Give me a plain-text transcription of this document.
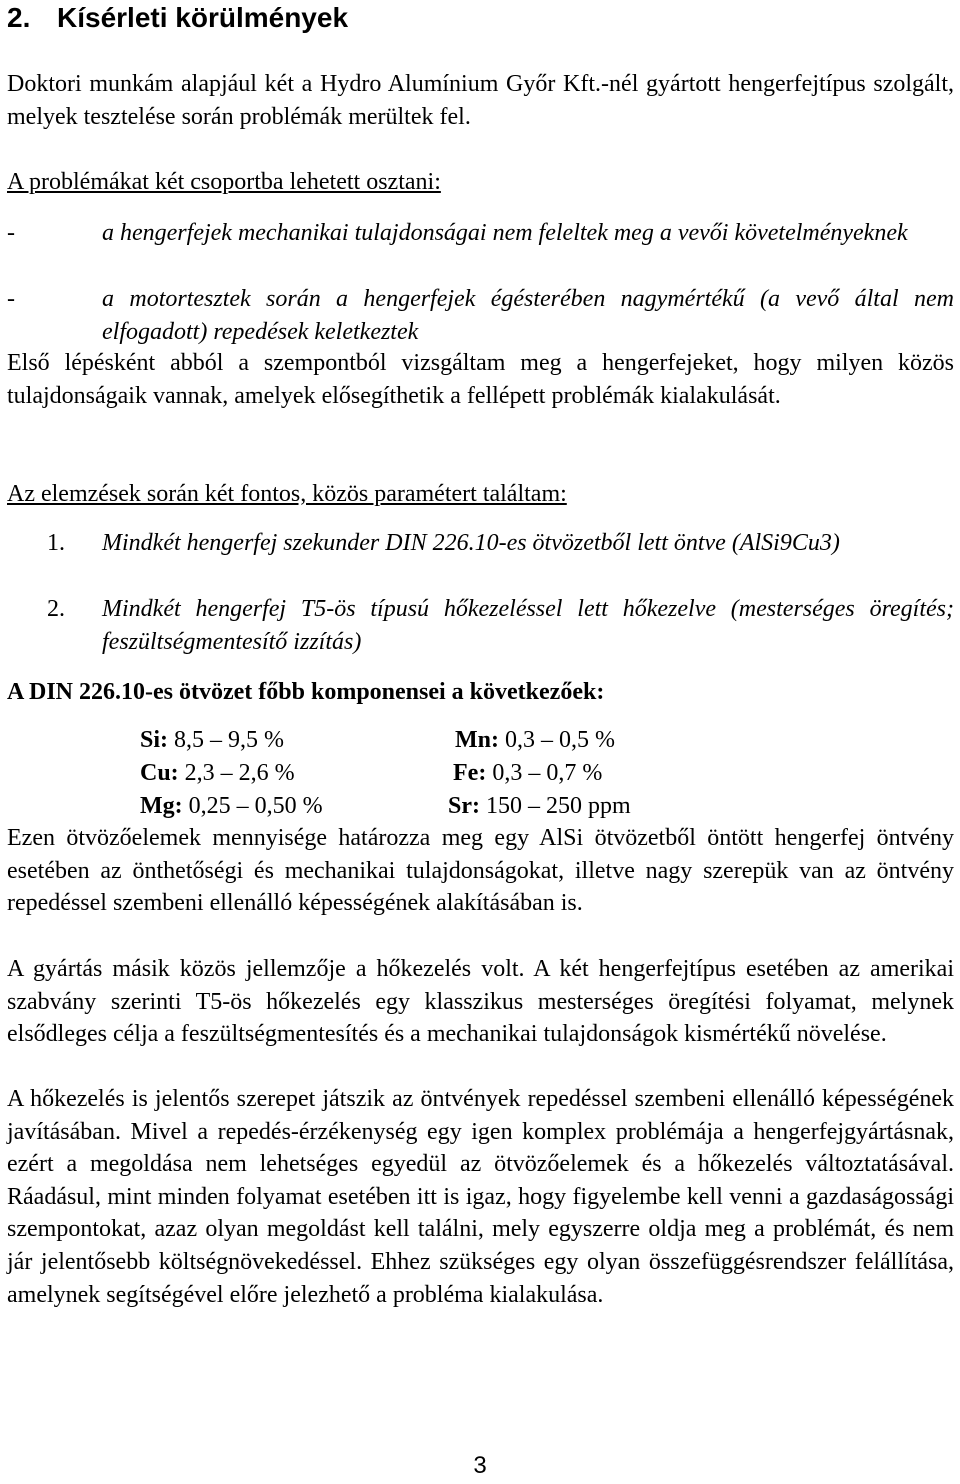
2. Kísérleti körülmények

Doktori munkám alapjául két a Hydro Alumínium Győr Kft.-nél gyártott hengerfejtípus szolgált, melyek tesztelése során problémák merültek fel.

A problémákat két csoportba lehetett osztani:

-	a hengerfejek mechanikai tulajdonságai nem feleltek meg a vevői követelményeknek
-	a motortesztek során a hengerfejek égésterében nagymértékű (a vevő által nem elfogadott) repedések keletkeztek

Első lépésként abból a szempontból vizsgáltam meg a hengerfejeket, hogy milyen közös tulajdonságaik vannak, amelyek elősegíthetik a fellépett problémák kialakulását.

Az elemzések során két fontos, közös paramétert találtam:

1. Mindkét hengerfej szekunder DIN 226.10-es ötvözetből lett öntve (AlSi9Cu3)
2. Mindkét hengerfej T5-ös típusú hőkezeléssel lett hőkezelve (mesterséges öregítés; feszültségmentesítő izzítás)

A DIN 226.10-es ötvözet főbb komponensei a következőek:

Si: 8,5 – 9,5 %	Mn: 0,3 – 0,5 %
Cu: 2,3 – 2,6 %	Fe: 0,3 – 0,7 %
Mg: 0,25 – 0,50 %	Sr: 150 – 250 ppm

Ezen ötvözőelemek mennyisége határozza meg egy AlSi ötvözetből öntött hengerfej öntvény esetében az önthetőségi és mechanikai tulajdonságokat, illetve nagy szerepük van az öntvény repedéssel szembeni ellenálló képességének alakításában is.

A gyártás másik közös jellemzője a hőkezelés volt. A két hengerfejtípus esetében az amerikai szabvány szerinti T5-ös hőkezelés egy klasszikus mesterséges öregítési folyamat, melynek elsődleges célja a feszültségmentesítés és a mechanikai tulajdonságok kismértékű növelése.

A hőkezelés is jelentős szerepet játszik az öntvények repedéssel szembeni ellenálló képességének javításában. Mivel a repedés-érzékenység egy igen komplex problémája a hengerfejgyártásnak, ezért a megoldása nem lehetséges egyedül az ötvözőelemek és a hőkezelés változtatásával. Ráadásul, mint minden folyamat esetében itt is igaz, hogy figyelembe kell venni a gazdaságossági szempontokat, azaz olyan megoldást kell találni, mely egyszerre oldja meg a problémát, és nem jár jelentősebb költségnövekedéssel. Ehhez szükséges egy olyan összefüggésrendszer felállítása, amelynek segítségével előre jelezhető a probléma kialakulása.

3
